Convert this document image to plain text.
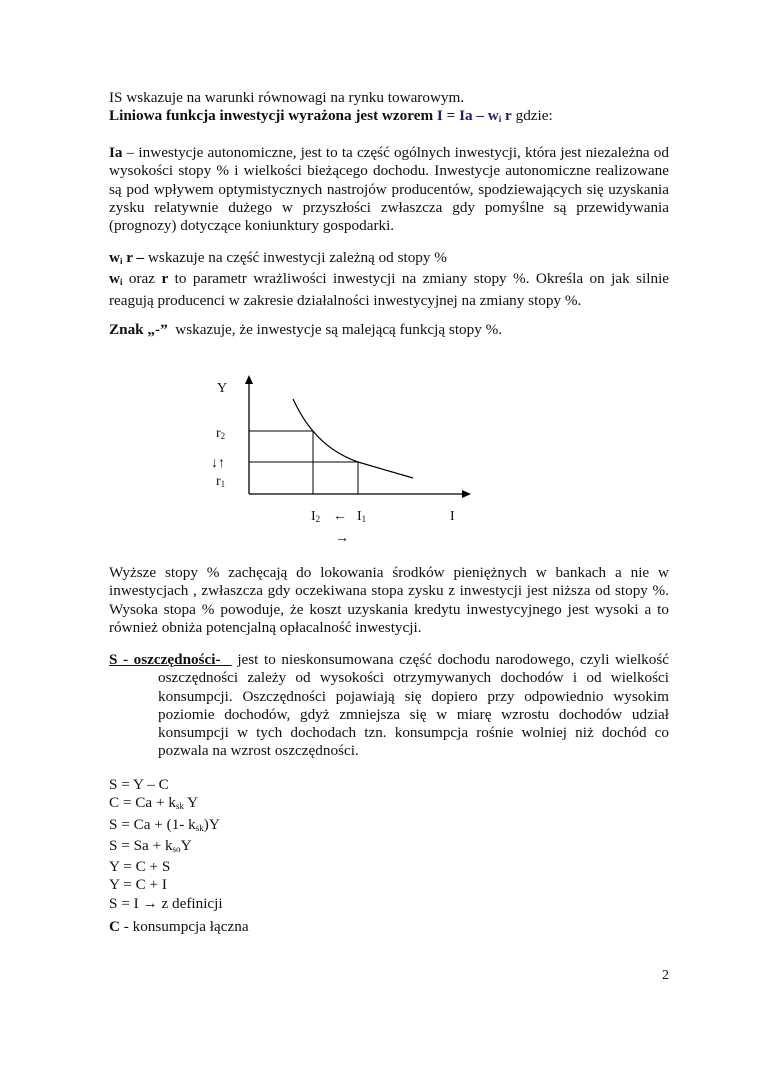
IS wskazuje na warunki równowagi na rynku towarowym.
Liniowa funkcja inwestycji wyrażona jest wzorem $I = Ia - w_i$ r gdzie:
Ia – inwestycje autonomiczne, jest to ta część ogólnych inwestycji, która jest niezależna od
wysokości stopy % i wielkości bieżącego dochodu. Inwestycje autonomiczne realizowane
są pod wpływem optymistycznych nastrojów producentów, spodziewających się uzyskania
zysku relatywnie dużego w przyszłości zwłaszcza gdy pomyślne są przewidywania
(prognozy) dotyczące koniunktury gospodarki.
$w_i$ r – wskazuje na część inwestycji zależną od stopy %
$w_i$ oraz r to parametr wrażliwości inwestycji na zmiany stopy %. Określa on jak silnie
reagują producenci w zakresie działalności inwestycyjnej na zmiany stopy %.
Znak „-” wskazuje, że inwestycje są malejącą funkcją stopy %.
Y
$r_2$
↓↑
$r_1$
$I_2$ ← $I_1$	I
→
Wyższe stopy % zachęcają do lokowania środków pieniężnych w bankach a nie w
inwestycjach , zwłaszcza gdy oczekiwana stopa zysku z inwestycji jest niższa od stopy %.
Wysoka stopa % powoduje, że koszt uzyskania kredytu inwestycyjnego jest wysoki a to
również obniża potencjalną opłacalność inwestycji.
S - oszczędności- jest to nieskonsumowana część dochodu narodowego, czyli wielkość
oszczędności zależy od wysokości otrzymywanych dochodów i od wielkości
konsumpcji. Oszczędności pojawiają się dopiero przy odpowiednio wysokim
poziomie dochodów, gdyż zmniejsza się w miarę wzrostu dochodów udział
konsumpcji w tych dochodach tzn. konsumpcja rośnie wolniej niż dochód co
pozwala na wzrost oszczędności.
S = Y – C
$C = Ca + k_{sk}$ Y
S = Ca + (1- $k_{sk})Y$
$S = Sa + k_{so}Y$
Y = C + S
Y = C + I
S = I → z definicji
C - konsumpcja łączna
2
